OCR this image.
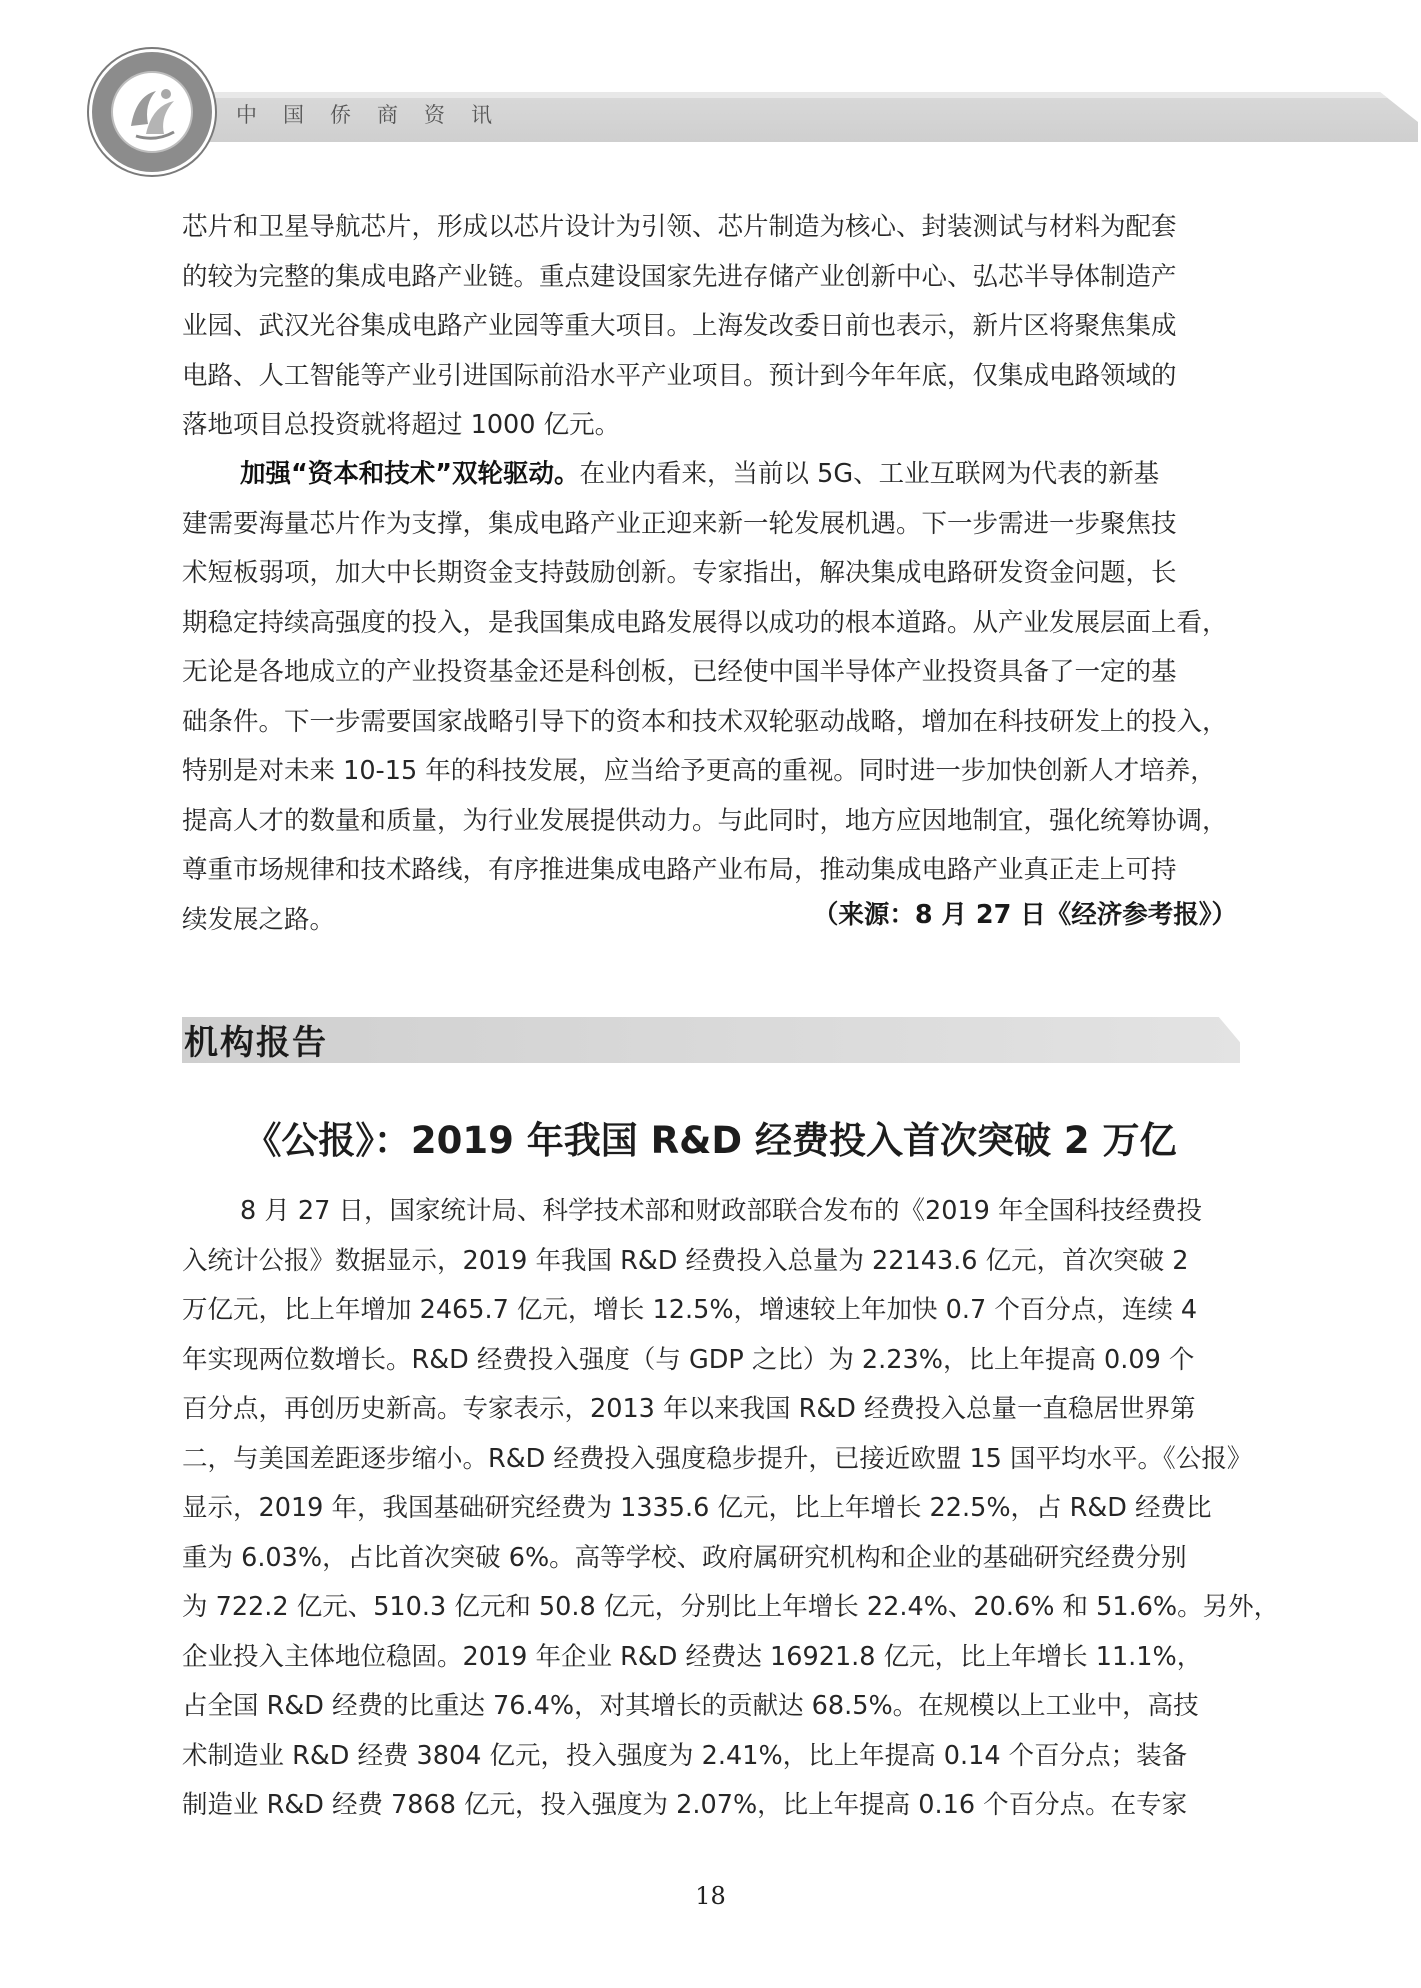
中国侨商资讯
芯片和卫星导航芯片，形成以芯片设计为引领、芯片制造为核心、封装测试与材料为配套
的较为完整的集成电路产业链。重点建设国家先进存储产业创新中心、弘芯半导体制造产
业园、武汉光谷集成电路产业园等重大项目。上海发改委日前也表示，新片区将聚焦集成
电路、人工智能等产业引进国际前沿水平产业项目。预计到今年年底，仅集成电路领域的
落地项目总投资就将超过 1000 亿元。
加强“资本和技术”双轮驱动。在业内看来，当前以 5G、工业互联网为代表的新基
建需要海量芯片作为支撑，集成电路产业正迎来新一轮发展机遇。下一步需进一步聚焦技
术短板弱项，加大中长期资金支持鼓励创新。专家指出，解决集成电路研发资金问题，长
期稳定持续高强度的投入，是我国集成电路发展得以成功的根本道路。从产业发展层面上看，
无论是各地成立的产业投资基金还是科创板，已经使中国半导体产业投资具备了一定的基
础条件。下一步需要国家战略引导下的资本和技术双轮驱动战略，增加在科技研发上的投入，
特别是对未来 10-15 年的科技发展，应当给予更高的重视。同时进一步加快创新人才培养，
提高人才的数量和质量，为行业发展提供动力。与此同时，地方应因地制宜，强化统筹协调，
尊重市场规律和技术路线，有序推进集成电路产业布局，推动集成电路产业真正走上可持
续发展之路。	（来源：8 月 27 日《经济参考报》）
机构报告
《公报》：2019 年我国 R&D 经费投入首次突破 2 万亿
8 月 27 日，国家统计局、科学技术部和财政部联合发布的《2019 年全国科技经费投
入统计公报》数据显示，2019 年我国 R&D 经费投入总量为 22143.6 亿元，首次突破 2
万亿元，比上年增加 2465.7 亿元，增长 12.5%，增速较上年加快 0.7 个百分点，连续 4
年实现两位数增长。R&D 经费投入强度（与 GDP 之比）为 2.23%，比上年提高 0.09 个
百分点，再创历史新高。专家表示，2013 年以来我国 R&D 经费投入总量一直稳居世界第
二，与美国差距逐步缩小。R&D 经费投入强度稳步提升，已接近欧盟 15 国平均水平。《公报》
显示，2019 年，我国基础研究经费为 1335.6 亿元，比上年增长 22.5%，占 R&D 经费比
重为 6.03%，占比首次突破 6%。高等学校、政府属研究机构和企业的基础研究经费分别
为 722.2 亿元、510.3 亿元和 50.8 亿元，分别比上年增长 22.4%、20.6% 和 51.6%。另外，
企业投入主体地位稳固。2019 年企业 R&D 经费达 16921.8 亿元，比上年增长 11.1%，
占全国 R&D 经费的比重达 76.4%，对其增长的贡献达 68.5%。在规模以上工业中，高技
术制造业 R&D 经费 3804 亿元，投入强度为 2.41%，比上年提高 0.14 个百分点；装备
制造业 R&D 经费 7868 亿元，投入强度为 2.07%，比上年提高 0.16 个百分点。在专家
18
